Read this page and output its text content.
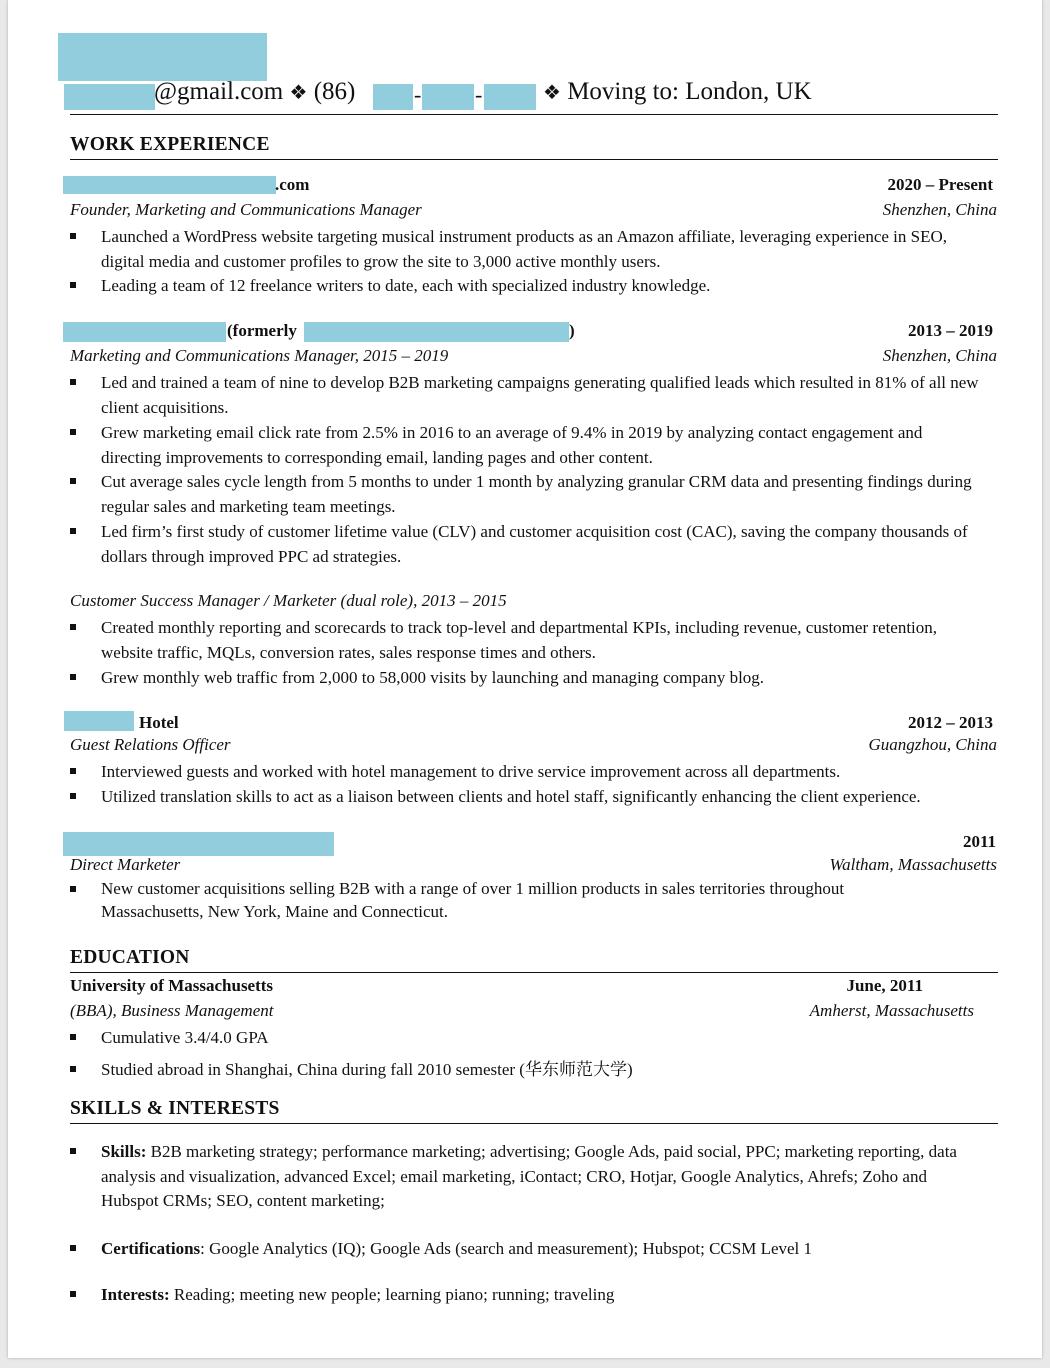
@gmail.com ❖ (86)	- -	❖ Moving to: London, UK
WORK EXPERIENCE
.com	2020 – Present
Founder, Marketing and Communications Manager	Shenzhen, China
Launched a WordPress website targeting musical instrument products as an Amazon affiliate, leveraging experience in SEO, digital media and customer profiles to grow the site to 3,000 active monthly users.
Leading a team of 12 freelance writers to date, each with specialized industry knowledge.
(formerly	)	2013 – 2019
Marketing and Communications Manager, 2015 – 2019	Shenzhen, China
Led and trained a team of nine to develop B2B marketing campaigns generating qualified leads which resulted in 81% of all new client acquisitions.
Grew marketing email click rate from 2.5% in 2016 to an average of 9.4% in 2019 by analyzing contact engagement and directing improvements to corresponding email, landing pages and other content.
Cut average sales cycle length from 5 months to under 1 month by analyzing granular CRM data and presenting findings during regular sales and marketing team meetings.
Led firm’s first study of customer lifetime value (CLV) and customer acquisition cost (CAC), saving the company thousands of dollars through improved PPC ad strategies.
Customer Success Manager / Marketer (dual role), 2013 – 2015
Created monthly reporting and scorecards to track top-level and departmental KPIs, including revenue, customer retention, website traffic, MQLs, conversion rates, sales response times and others.
Grew monthly web traffic from 2,000 to 58,000 visits by launching and managing company blog.
Hotel	2012 – 2013
Guest Relations Officer	Guangzhou, China
Interviewed guests and worked with hotel management to drive service improvement across all departments.
Utilized translation skills to act as a liaison between clients and hotel staff, significantly enhancing the client experience.
2011
Direct Marketer	Waltham, Massachusetts
New customer acquisitions selling B2B with a range of over 1 million products in sales territories throughout Massachusetts, New York, Maine and Connecticut.
EDUCATION
University of Massachusetts	June, 2011
(BBA), Business Management	Amherst, Massachusetts
Cumulative 3.4/4.0 GPA
Studied abroad in Shanghai, China during fall 2010 semester (华东师范大学)
SKILLS & INTERESTS
Skills: B2B marketing strategy; performance marketing; advertising; Google Ads, paid social, PPC; marketing reporting, data analysis and visualization, advanced Excel; email marketing, iContact; CRO, Hotjar, Google Analytics, Ahrefs; Zoho and Hubspot CRMs; SEO, content marketing;
Certifications: Google Analytics (IQ); Google Ads (search and measurement); Hubspot; CCSM Level 1
Interests: Reading; meeting new people; learning piano; running; traveling
